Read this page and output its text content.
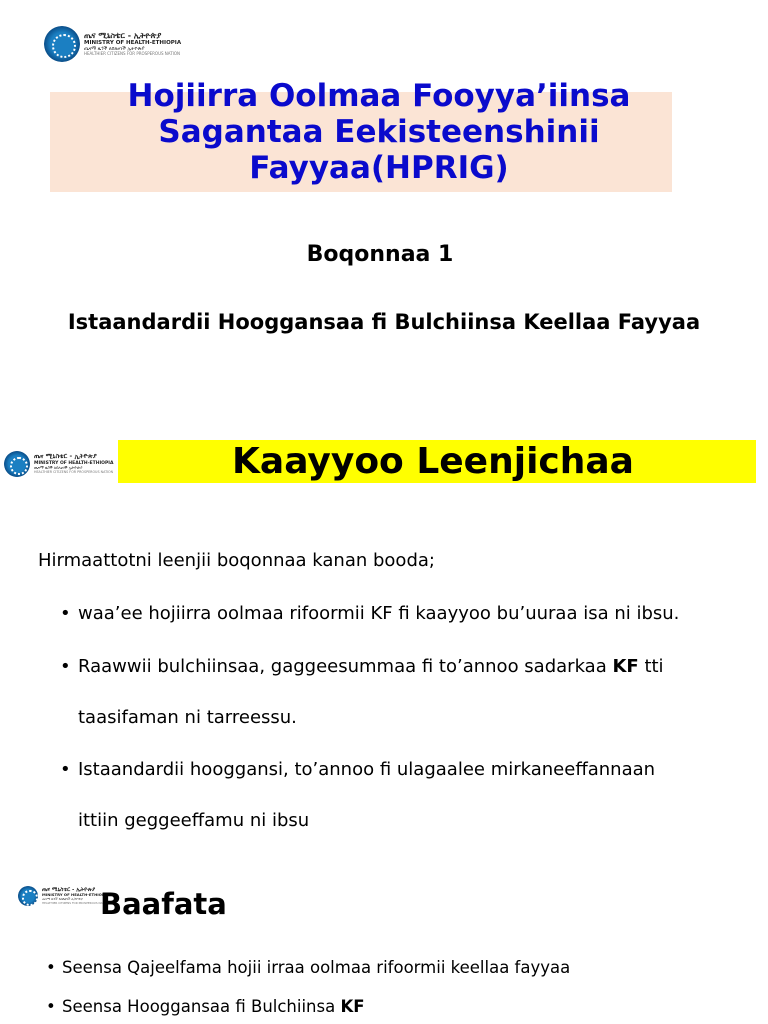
ጤና ሚኒስቴር - ኢትዮጵያ
MINISTRY OF HEALTH-ETHIOPIA
ጤናማ ዜጎች ለበለፀገች ኢትዮጵያ
HEALTHIER CITIZENS FOR PROSPEROUS NATION
Hojiirra Oolmaa Fooyya’iinsa
Sagantaa Eekisteenshinii
Fayyaa(HPRIG)
Boqonnaa 1
Istaandardii Hooggansaa fi Bulchiinsa Keellaa Fayyaa
ጤና ሚኒስቴር - ኢትዮጵያ
MINISTRY OF HEALTH-ETHIOPIA
ጤናማ ዜጎች ለበለፀገች ኢትዮጵያ
HEALTHIER CITIZENS FOR PROSPEROUS NATION	Kaayyoo Leenjichaa
Hirmaattotni leenjii boqonnaa kanan booda;
• waa’ee hojiirra oolmaa rifoormii KF fi kaayyoo bu’uuraa isa ni ibsu.
• Raawwii bulchiinsaa, gaggeesummaa fi to’annoo sadarkaa KF tti
taasifaman ni tarreessu.
• Istaandardii hooggansi, to’annoo fi ulagaalee mirkaneeffannaan
ittiin geggeeffamu ni ibsu
ጤና ሚኒስቴር - ኢትዮጵያ
MINISTRY OF HEALTH-ETHIOPIA
ጤናማ ዜጎች ለበለፀገች ኢትዮጵያ
HEALTHIER CITIZENS FOR PROSPEROUS NATION
Baafata
• Seensa Qajeelfama hojii irraa oolmaa rifoormii keellaa fayyaa
• Seensa Hooggansaa fi Bulchiinsa KF
